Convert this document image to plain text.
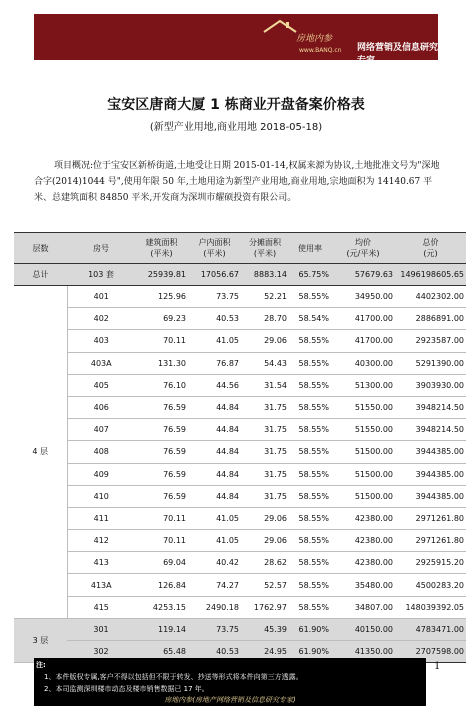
房地内参
www.BANQ.cn 网络营销及信息研究专家
宝安区唐商大厦 1 栋商业开盘备案价格表
(新型产业用地,商业用地 2018-05-18)
项目概况:位于宝安区新桥街道,土地受让日期 2015-01-14,权属来源为协议,土地批准文号为"深地合字(2014)1044 号",使用年限 50 年,土地用途为新型产业用地,商业用地,宗地面积为 14140.67 平米、总建筑面积 84850 平米,开发商为深圳市耀硕投资有限公司。
层数	房号	建筑面积
(平米)	户内面积
(平米)	分摊面积
(平米)	使用率	均价
(元/平米)	总价
(元)
总计	103 套	25939.81	17056.67	8883.14	65.75%	57679.63	1496198605.65
4 层	401	125.96	73.75	52.21	58.55%	34950.00	4402302.00
	402	69.23	40.53	28.70	58.54%	41700.00	2886891.00
	403	70.11	41.05	29.06	58.55%	41700.00	2923587.00
	403A	131.30	76.87	54.43	58.55%	40300.00	5291390.00
	405	76.10	44.56	31.54	58.55%	51300.00	3903930.00
	406	76.59	44.84	31.75	58.55%	51550.00	3948214.50
	407	76.59	44.84	31.75	58.55%	51550.00	3948214.50
	408	76.59	44.84	31.75	58.55%	51500.00	3944385.00
	409	76.59	44.84	31.75	58.55%	51500.00	3944385.00
	410	76.59	44.84	31.75	58.55%	51500.00	3944385.00
	411	70.11	41.05	29.06	58.55%	42380.00	2971261.80
	412	70.11	41.05	29.06	58.55%	42380.00	2971261.80
	413	69.04	40.42	28.62	58.55%	42380.00	2925915.20
	413A	126.84	74.27	52.57	58.55%	35480.00	4500283.20
	415	4253.15	2490.18	1762.97	58.55%	34807.00	148039392.05
3 层	301	119.14	73.75	45.39	61.90%	40150.00	4783471.00
	302	65.48	40.53	24.95	61.90%	41350.00	2707598.00
1
注:
1、本件版权专属,客户不得以包括但不限于转发、抄送等形式将本件向第三方透露。
2、本司监测深圳楼市动态及楼市销售数据已 17 年。
房地内参(房地产网络营销及信息研究专家)
